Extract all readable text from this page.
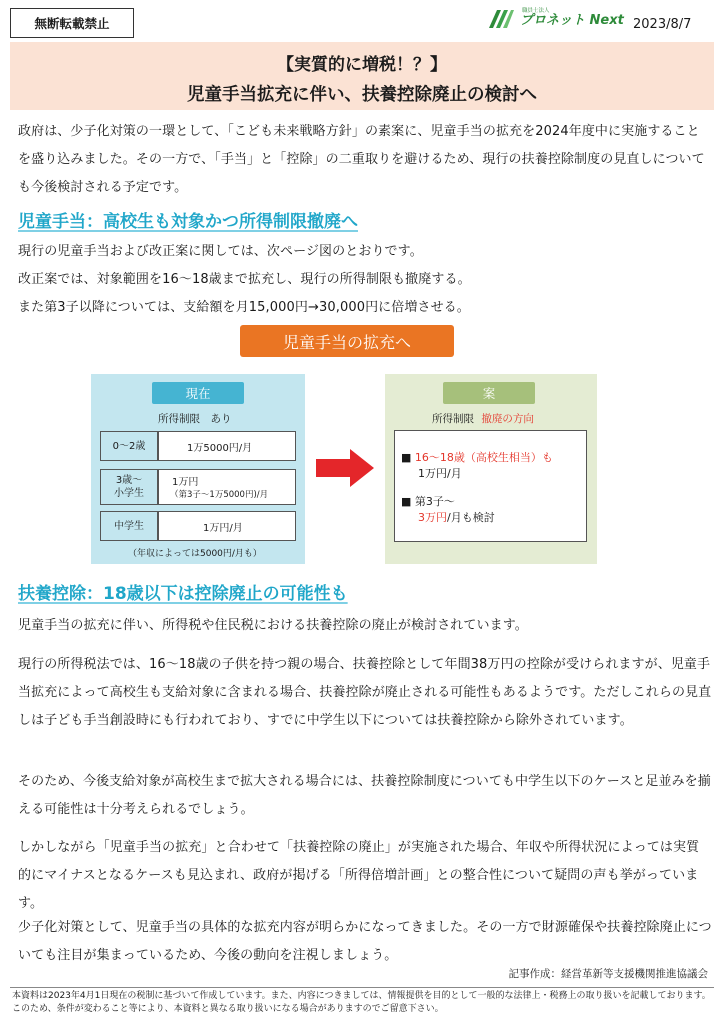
無断転載禁止
職員士法人
プロネット Next 2023/8/7
【実質的に増税！？】
児童手当拡充に伴い、扶養控除廃止の検討へ
政府は、少子化対策の一環として、「こども未来戦略方針」の素案に、児童手当の拡充を2024年度中に実施することを盛り込みました。その一方で、「手当」と「控除」の二重取りを避けるため、現行の扶養控除制度の見直しについても今後検討される予定です。
児童手当：高校生も対象かつ所得制限撤廃へ
現行の児童手当および改正案に関しては、次ページ図のとおりです。
改正案では、対象範囲を16～18歳まで拡充し、現行の所得制限も撤廃する。
また第3子以降については、支給額を月15,000円→30,000円に倍増させる。
児童手当の拡充へ
現在
所得制限　あり
0～2歳	1万5000円/月
3歳～
小学生
1万円
（第3子～1万5000円)/月
中学生	1万円/月
（年収によっては5000円/月も）
案
所得制限 撤廃の方向
■ 16～18歳（高校生相当）も
1万円/月
■ 第3子～
3万円/月も検討
扶養控除：18歳以下は控除廃止の可能性も
児童手当の拡充に伴い、所得税や住民税における扶養控除の廃止が検討されています。
現行の所得税法では、16～18歳の子供を持つ親の場合、扶養控除として年間38万円の控除が受けられますが、児童手当拡充によって高校生も支給対象に含まれる場合、扶養控除が廃止される可能性もあるようです。ただしこれらの見直しは子ども手当創設時にも行われており、すでに中学生以下については扶養控除から除外されています。
そのため、今後支給対象が高校生まで拡大される場合には、扶養控除制度についても中学生以下のケースと足並みを揃える可能性は十分考えられるでしょう。
しかしながら「児童手当の拡充」と合わせて「扶養控除の廃止」が実施された場合、年収や所得状況によっては実質的にマイナスとなるケースも見込まれ、政府が掲げる「所得倍増計画」との整合性について疑問の声も挙がっています。
少子化対策として、児童手当の具体的な拡充内容が明らかになってきました。その一方で財源確保や扶養控除廃止についても注目が集まっているため、今後の動向を注視しましょう。
記事作成：経営革新等支援機関推進協議会
本資料は2023年4月1日現在の税制に基づいて作成しています。また、内容につきましては、情報提供を目的として一般的な法律上・税務上の取り扱いを記載しております。このため、条件が変わること等により、本資料と異なる取り扱いになる場合がありますのでご留意下さい。
